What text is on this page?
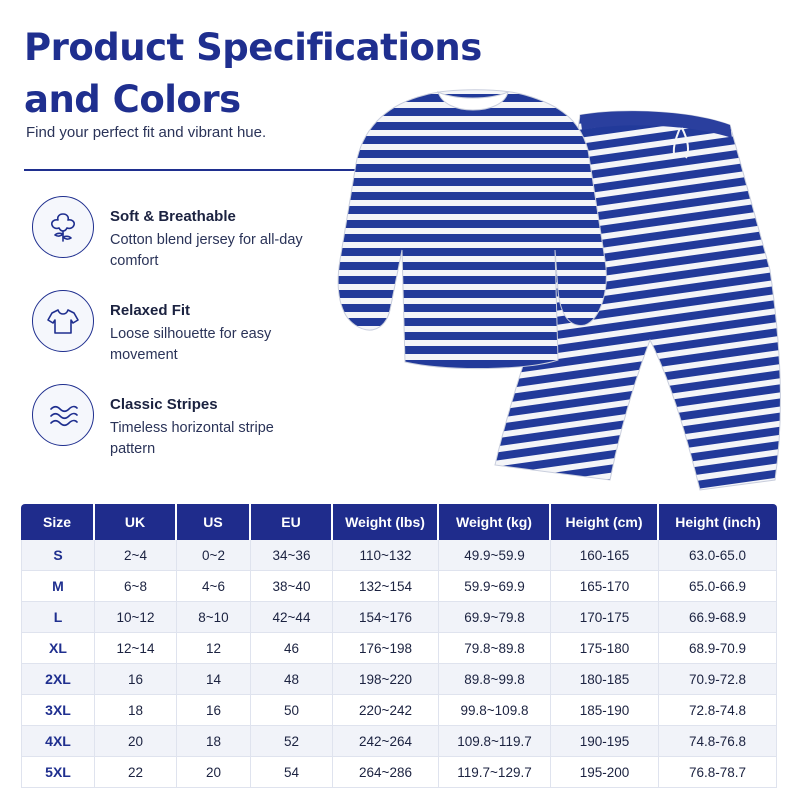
Product Specifications and Colors
Find your perfect fit and vibrant hue.
Soft & Breathable
Cotton blend jersey for all-day comfort
Relaxed Fit
Loose silhouette for easy movement
Classic Stripes
Timeless horizontal stripe pattern
Size	UK	US	EU	Weight (lbs)	Weight (kg)	Height (cm)	Height (inch)
S	2~4	0~2	34~36	110~132	49.9~59.9	160-165	63.0-65.0
M	6~8	4~6	38~40	132~154	59.9~69.9	165-170	65.0-66.9
L	10~12	8~10	42~44	154~176	69.9~79.8	170-175	66.9-68.9
XL	12~14	12	46	176~198	79.8~89.8	175-180	68.9-70.9
2XL	16	14	48	198~220	89.8~99.8	180-185	70.9-72.8
3XL	18	16	50	220~242	99.8~109.8	185-190	72.8-74.8
4XL	20	18	52	242~264	109.8~119.7	190-195	74.8-76.8
5XL	22	20	54	264~286	119.7~129.7	195-200	76.8-78.7
